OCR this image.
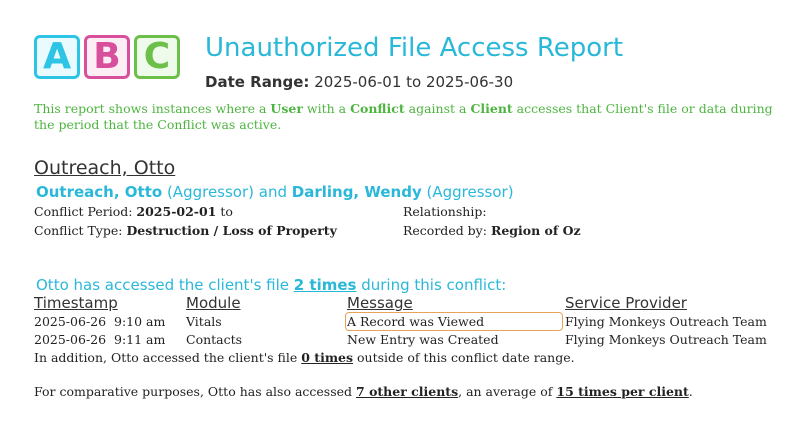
A B C Unauthorized File Access Report
Date Range: 2025-06-01 to 2025-06-30
This report shows instances where a User with a Conflict against a Client accesses that Client's file or data during the period that the Conflict was active.
Outreach, Otto
Outreach, Otto (Aggressor) and Darling, Wendy (Aggressor)
Conflict Period: 2025-02-01 to
Conflict Type: Destruction / Loss of Property
Relationship:
Recorded by: Region of Oz
Otto has accessed the client's file 2 times during this conflict:
Timestamp	Module	Message	Service Provider
2025-06-26  9:10 am Vitals	A Record was Viewed	Flying Monkeys Outreach Team
2025-06-26  9:11 am Contacts	New Entry was Created	Flying Monkeys Outreach Team
In addition, Otto accessed the client's file 0 times outside of this conflict date range.
For comparative purposes, Otto has also accessed 7 other clients, an average of 15 times per client.
